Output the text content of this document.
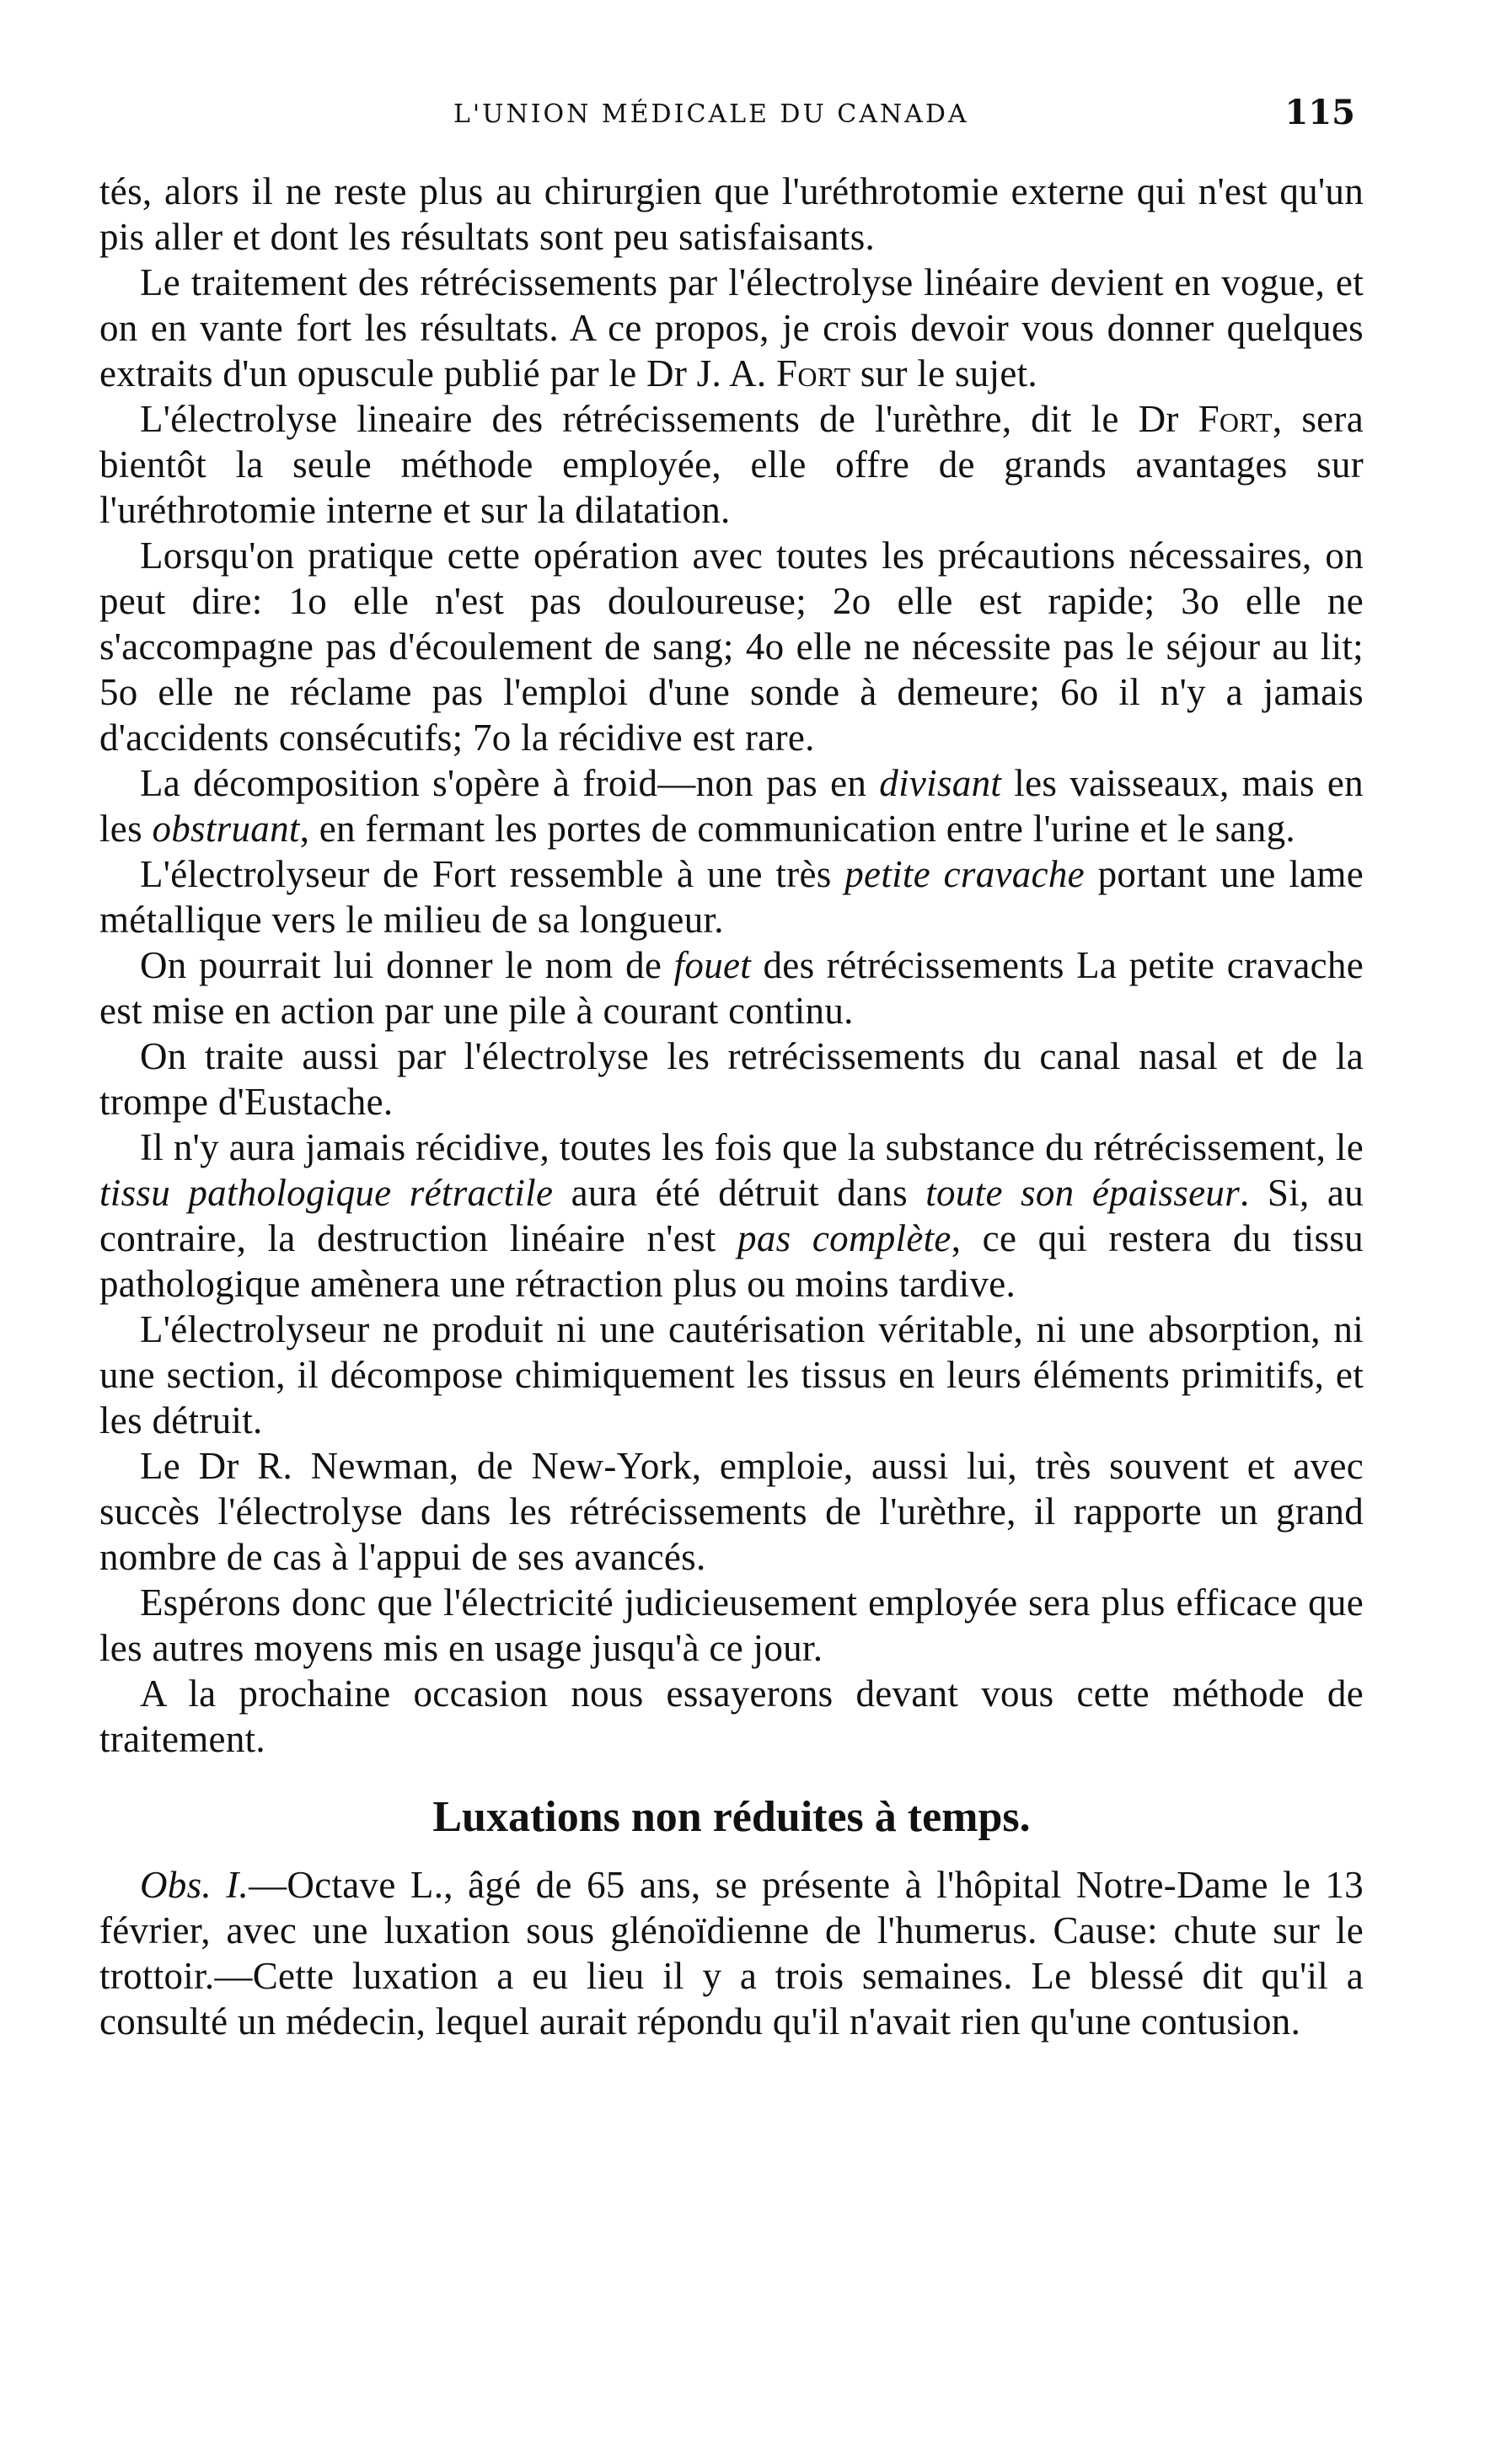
L'UNION MÉDICALE DU CANADA	115

tés, alors il ne reste plus au chirurgien que l'uréthrotomie externe qui n'est qu'un pis aller et dont les résultats sont peu satisfaisants.

Le traitement des rétrécissements par l'électrolyse linéaire devient en vogue, et on en vante fort les résultats. A ce propos, je crois devoir vous donner quelques extraits d'un opuscule publié par le Dr J. A. Fort sur le sujet.

L'électrolyse lineaire des rétrécissements de l'urèthre, dit le Dr Fort, sera bientôt la seule méthode employée, elle offre de grands avantages sur l'uréthrotomie interne et sur la dilatation.

Lorsqu'on pratique cette opération avec toutes les précautions nécessaires, on peut dire: 1o elle n'est pas douloureuse; 2o elle est rapide; 3o elle ne s'accompagne pas d'écoulement de sang; 4o elle ne nécessite pas le séjour au lit; 5o elle ne réclame pas l'emploi d'une sonde à demeure; 6o il n'y a jamais d'accidents consécutifs; 7o la récidive est rare.

La décomposition s'opère à froid—non pas en divisant les vaisseaux, mais en les obstruant, en fermant les portes de communication entre l'urine et le sang.

L'électrolyseur de Fort ressemble à une très petite cravache portant une lame métallique vers le milieu de sa longueur.

On pourrait lui donner le nom de fouet des rétrécissements La petite cravache est mise en action par une pile à courant continu.

On traite aussi par l'électrolyse les retrécissements du canal nasal et de la trompe d'Eustache.

Il n'y aura jamais récidive, toutes les fois que la substance du rétrécissement, le tissu pathologique rétractile aura été détruit dans toute son épaisseur. Si, au contraire, la destruction linéaire n'est pas complète, ce qui restera du tissu pathologique amènera une rétraction plus ou moins tardive.

L'électrolyseur ne produit ni une cautérisation véritable, ni une absorption, ni une section, il décompose chimiquement les tissus en leurs éléments primitifs, et les détruit.

Le Dr R. Newman, de New-York, emploie, aussi lui, très souvent et avec succès l'électrolyse dans les rétrécissements de l'urèthre, il rapporte un grand nombre de cas à l'appui de ses avancés.

Espérons donc que l'électricité judicieusement employée sera plus efficace que les autres moyens mis en usage jusqu'à ce jour.

A la prochaine occasion nous essayerons devant vous cette méthode de traitement.

Luxations non réduites à temps.

Obs. I.—Octave L., âgé de 65 ans, se présente à l'hôpital Notre-Dame le 13 février, avec une luxation sous glénoïdienne de l'humerus. Cause: chute sur le trottoir.—Cette luxation a eu lieu il y a trois semaines. Le blessé dit qu'il a consulté un médecin, lequel aurait répondu qu'il n'avait rien qu'une contusion.
